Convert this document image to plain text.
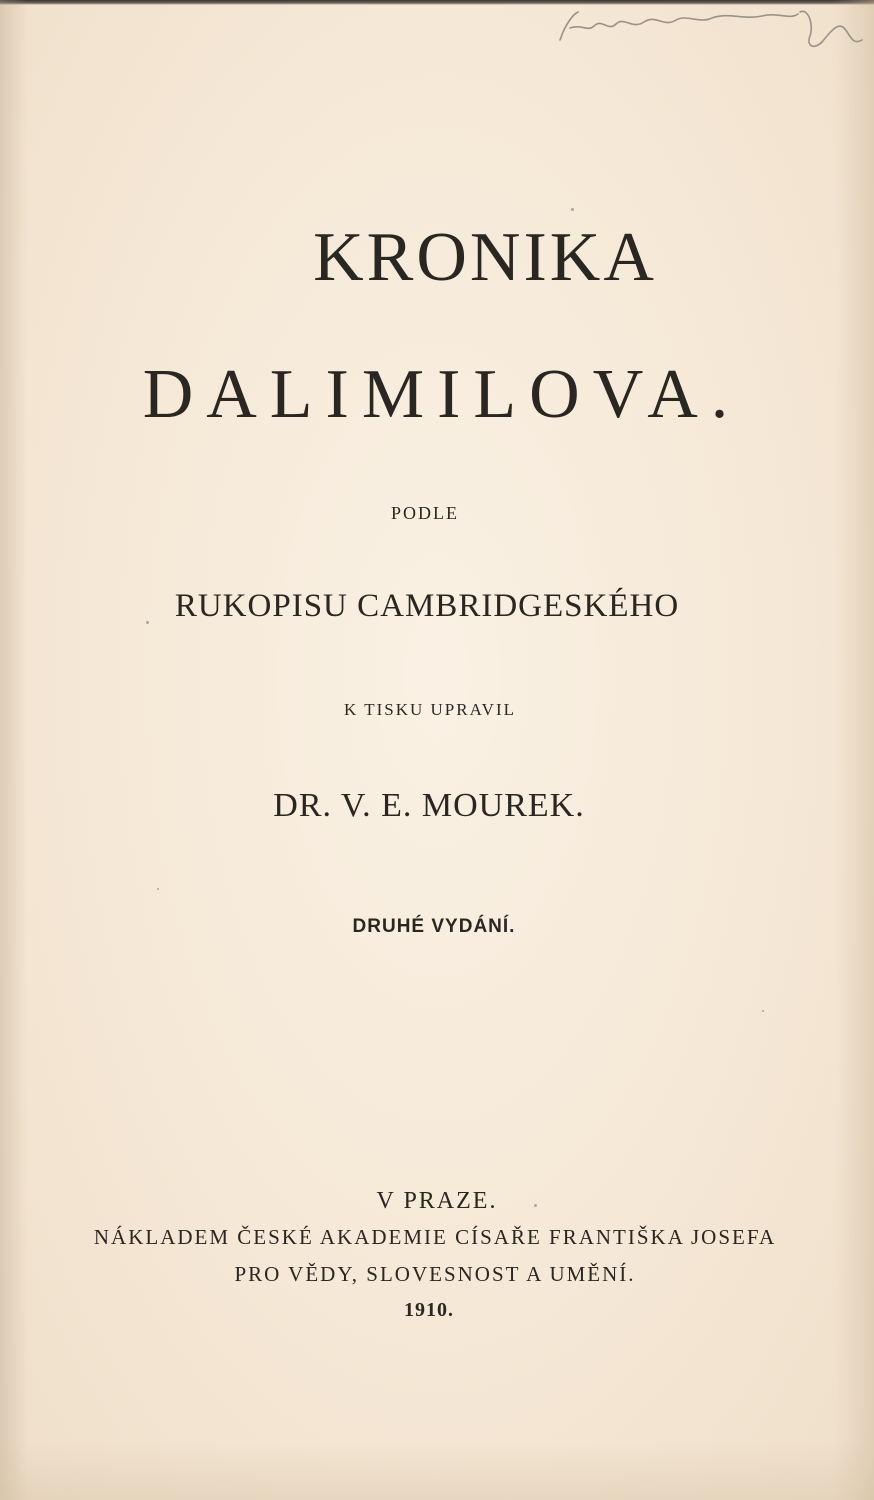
KRONIKA
DALIMILOVA.
PODLE
RUKOPISU CAMBRIDGESKÉHO
K TISKU UPRAVIL
DR. V. E. MOUREK.
DRUHÉ VYDÁNÍ.
V PRAZE.
NÁKLADEM ČESKÉ AKADEMIE CÍSAŘE FRANTIŠKA JOSEFA
PRO VĚDY, SLOVESNOST A UMĚNÍ.
1910.
